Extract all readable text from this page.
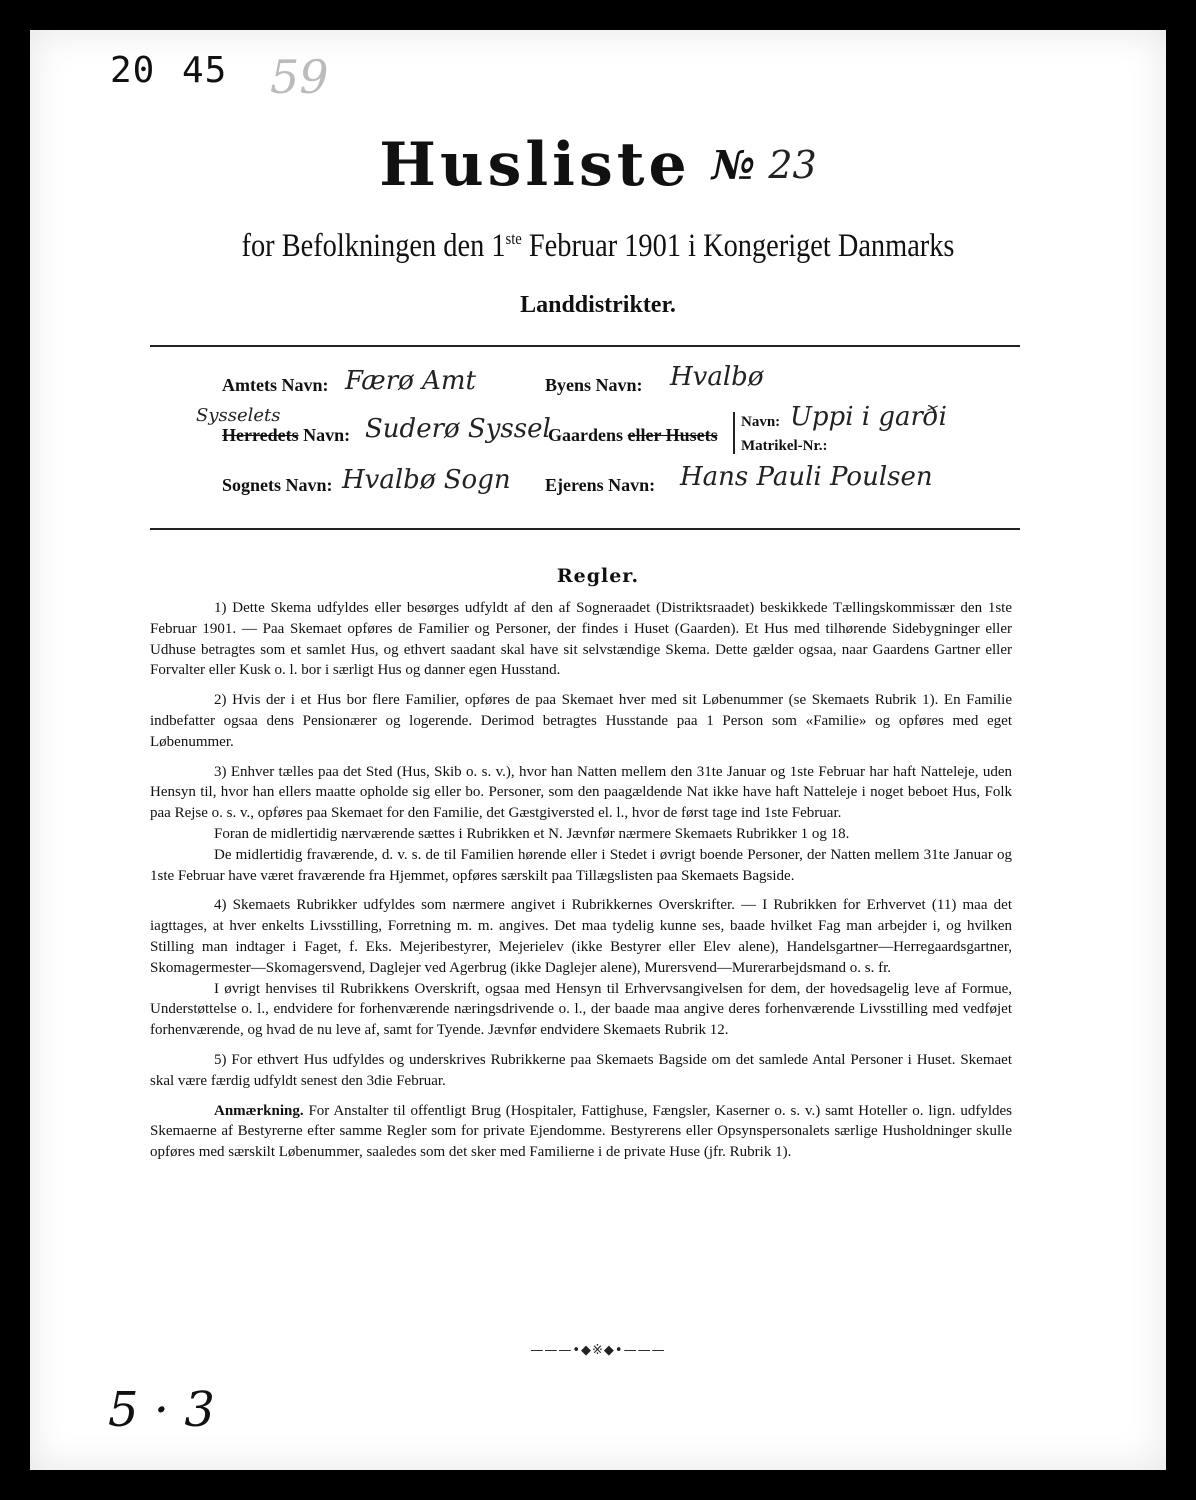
20 45 59
Husliste № 23
for Befolkningen den 1ste Februar 1901 i Kongeriget Danmarks
Landdistrikter.
Amtets Navn: Færø Amt	Byens Navn: Hvalbø
Sysselets
Herredets Navn: Suderø Syssel
Gaardens eller Husets
Navn: Uppi i garði
Matrikel-Nr.:
Sognets Navn: Hvalbø Sogn Ejerens Navn: Hans Pauli Poulsen
Regler.

1) Dette Skema udfyldes eller besørges udfyldt af den af Sogneraadet (Distriktsraadet) beskikkede Tællingskommissær den 1ste Februar 1901. — Paa Skemaet opføres de Familier og Personer, der findes i Huset (Gaarden). Et Hus med tilhørende Sidebygninger eller Udhuse betragtes som et samlet Hus, og ethvert saadant skal have sit selvstændige Skema. Dette gælder ogsaa, naar Gaardens Gartner eller Forvalter eller Kusk o. l. bor i særligt Hus og danner egen Husstand.

2) Hvis der i et Hus bor flere Familier, opføres de paa Skemaet hver med sit Løbenummer (se Skemaets Rubrik 1). En Familie indbefatter ogsaa dens Pensionærer og logerende. Derimod betragtes Husstande paa 1 Person som «Familie» og opføres med eget Løbenummer.

3) Enhver tælles paa det Sted (Hus, Skib o. s. v.), hvor han Natten mellem den 31te Januar og 1ste Februar har haft Natteleje, uden Hensyn til, hvor han ellers maatte opholde sig eller bo. Personer, som den paagældende Nat ikke have haft Natteleje i noget beboet Hus, Folk paa Rejse o. s. v., opføres paa Skemaet for den Familie, det Gæstgiversted el. l., hvor de først tage ind 1ste Februar.

Foran de midlertidig nærværende sættes i Rubrikken et N. Jævnfør nærmere Skemaets Rubrikker 1 og 18.

De midlertidig fraværende, d. v. s. de til Familien hørende eller i Stedet i øvrigt boende Personer, der Natten mellem 31te Januar og 1ste Februar have været fraværende fra Hjemmet, opføres særskilt paa Tillægslisten paa Skemaets Bagside.

4) Skemaets Rubrikker udfyldes som nærmere angivet i Rubrikkernes Overskrifter. — I Rubrikken for Erhvervet (11) maa det iagttages, at hver enkelts Livsstilling, Forretning m. m. angives. Det maa tydelig kunne ses, baade hvilket Fag man arbejder i, og hvilken Stilling man indtager i Faget, f. Eks. Mejeribestyrer, Mejerielev (ikke Bestyrer eller Elev alene), Handelsgartner—Herregaardsgartner, Skomagermester—Skomagersvend, Daglejer ved Agerbrug (ikke Daglejer alene), Murersvend—Murerarbejdsmand o. s. fr.

I øvrigt henvises til Rubrikkens Overskrift, ogsaa med Hensyn til Erhvervsangivelsen for dem, der hovedsagelig leve af Formue, Understøttelse o. l., endvidere for forhenværende næringsdrivende o. l., der baade maa angive deres forhenværende Livsstilling med vedføjet forhenværende, og hvad de nu leve af, samt for Tyende. Jævnfør endvidere Skemaets Rubrik 12.

5) For ethvert Hus udfyldes og underskrives Rubrikkerne paa Skemaets Bagside om det samlede Antal Personer i Huset. Skemaet skal være færdig udfyldt senest den 3die Februar.

Anmærkning. For Anstalter til offentligt Brug (Hospitaler, Fattighuse, Fængsler, Kaserner o. s. v.) samt Hoteller o. lign. udfyldes Skemaerne af Bestyrerne efter samme Regler som for private Ejendomme. Bestyrerens eller Opsynspersonalets særlige Husholdninger skulle opføres med særskilt Løbenummer, saaledes som det sker med Familierne i de private Huse (jfr. Rubrik 1).

———•◆※◆•———
5 · 3
